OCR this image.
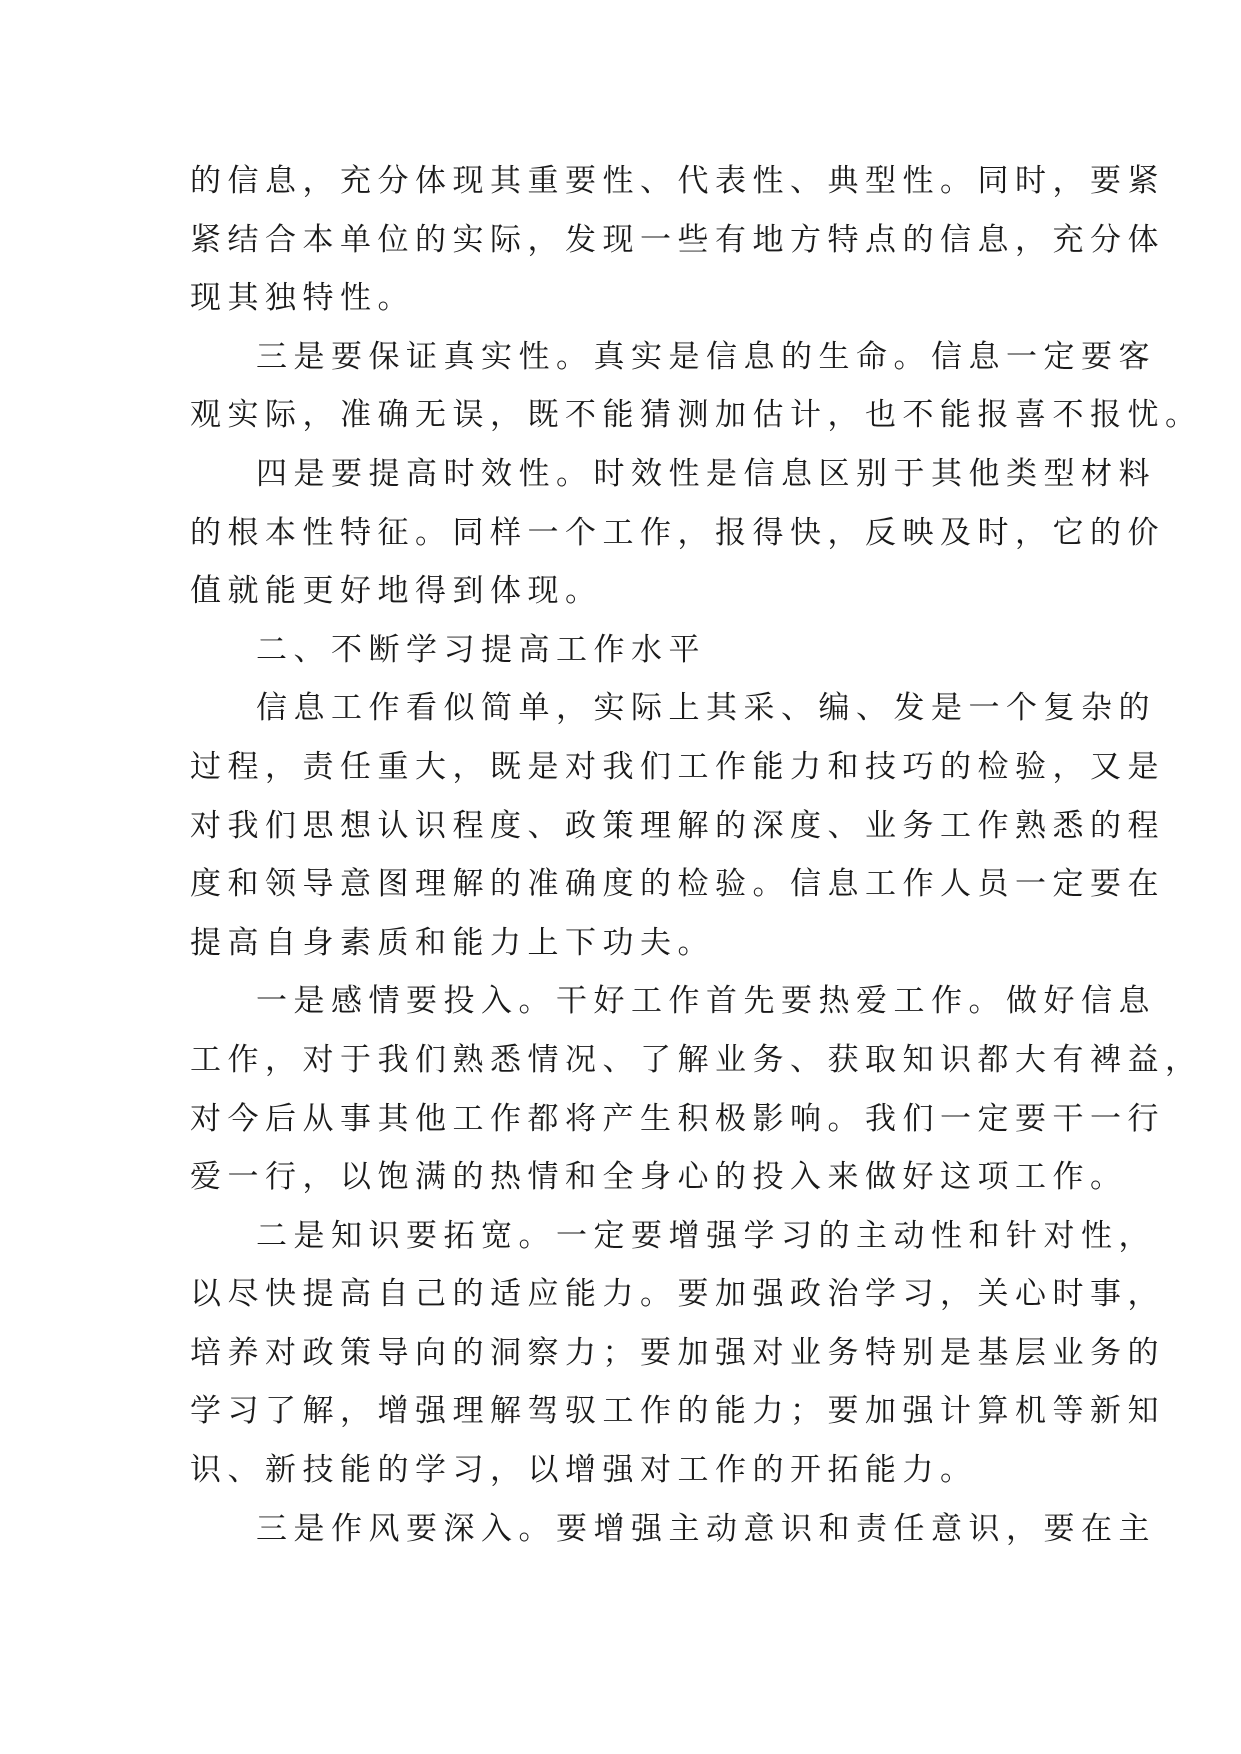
的信息，充分体现其重要性、代表性、典型性。同时，要紧
紧结合本单位的实际，发现一些有地方特点的信息，充分体
现其独特性。
三是要保证真实性。真实是信息的生命。信息一定要客
观实际，准确无误，既不能猜测加估计，也不能报喜不报忧。
四是要提高时效性。时效性是信息区别于其他类型材料
的根本性特征。同样一个工作，报得快，反映及时，它的价
值就能更好地得到体现。
二、不断学习提高工作水平
信息工作看似简单，实际上其采、编、发是一个复杂的
过程，责任重大，既是对我们工作能力和技巧的检验，又是
对我们思想认识程度、政策理解的深度、业务工作熟悉的程
度和领导意图理解的准确度的检验。信息工作人员一定要在
提高自身素质和能力上下功夫。
一是感情要投入。干好工作首先要热爱工作。做好信息
工作，对于我们熟悉情况、了解业务、获取知识都大有裨益，
对今后从事其他工作都将产生积极影响。我们一定要干一行
爱一行，以饱满的热情和全身心的投入来做好这项工作。
二是知识要拓宽。一定要增强学习的主动性和针对性，
以尽快提高自己的适应能力。要加强政治学习，关心时事，
培养对政策导向的洞察力；要加强对业务特别是基层业务的
学习了解，增强理解驾驭工作的能力；要加强计算机等新知
识、新技能的学习，以增强对工作的开拓能力。
三是作风要深入。要增强主动意识和责任意识，要在主
